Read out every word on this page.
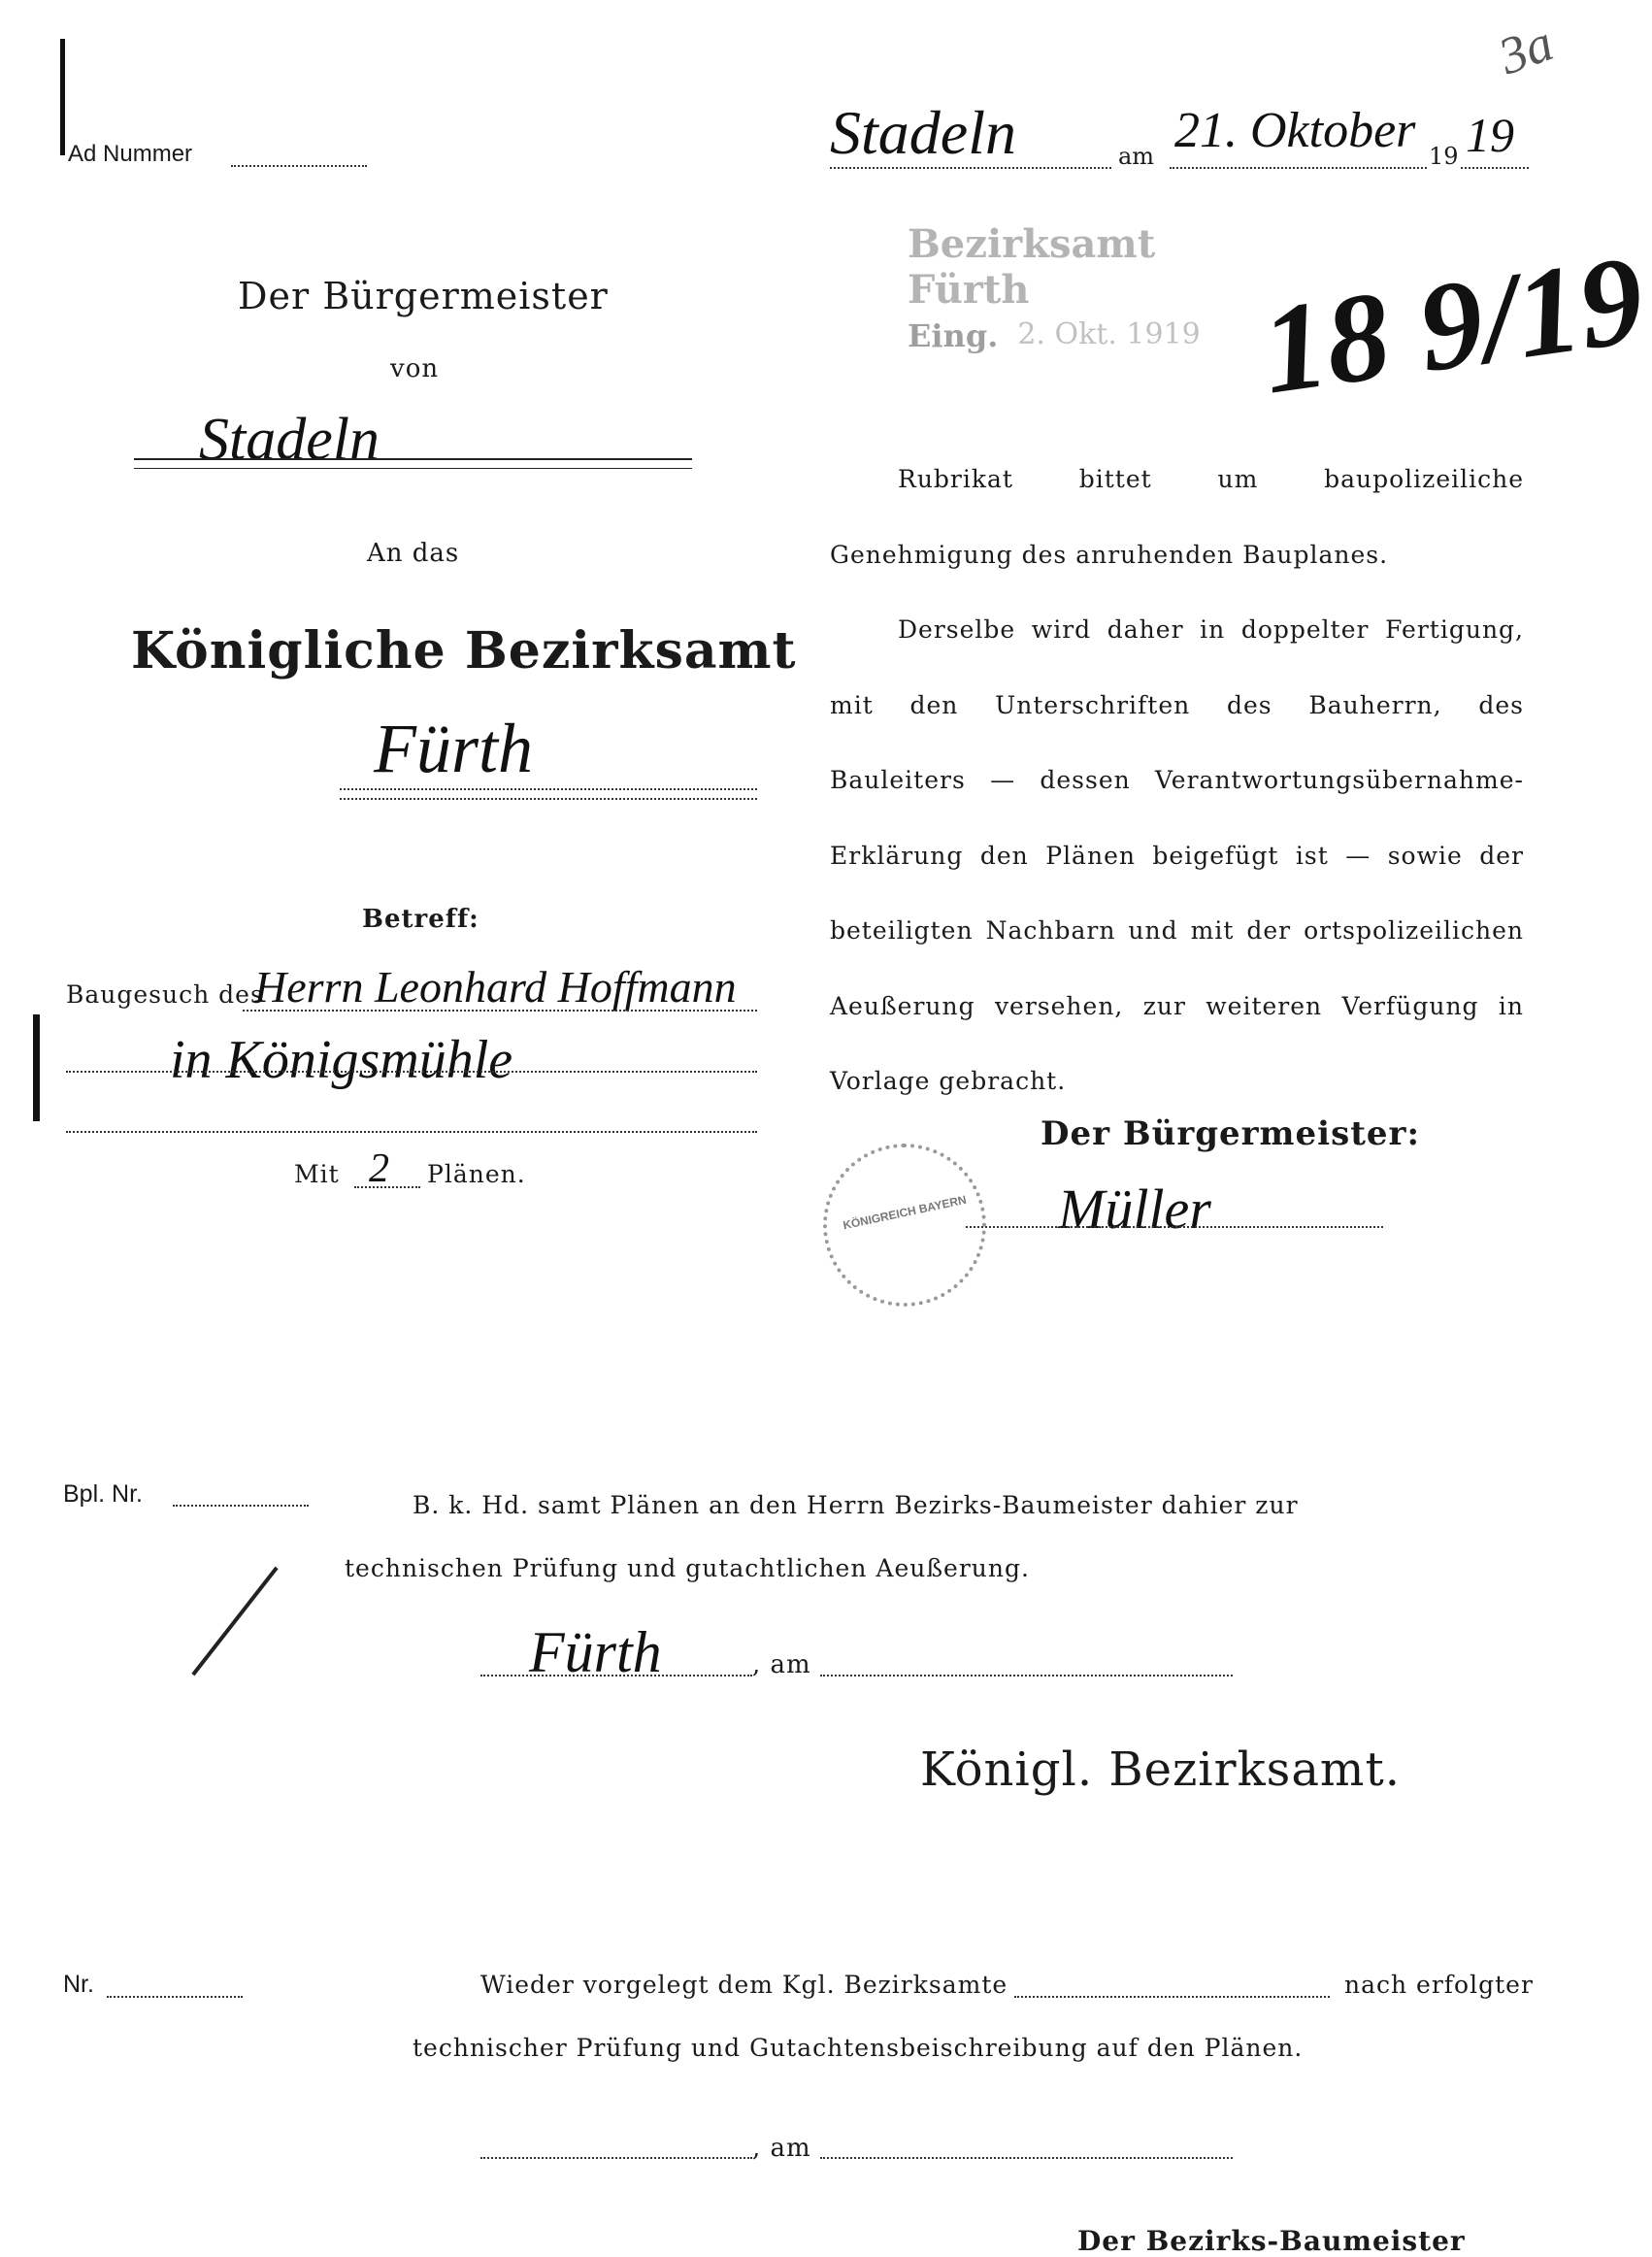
Ad Nummer	Stadeln	am 21. Oktober 19 19
3a
Bezirksamt Fürth
Eing. 2. Okt. 1919 18 9/19
Der Bürgermeister
von
Stadeln
An das
Königliche Bezirksamt
Fürth
Betreff:
Baugesuch des
Herrn Leonhard Hoffmann
in Königsmühle
Mit 2 Plänen.

Rubrikat bittet um baupolizeiliche Genehmigung des anruhenden Bauplanes.

Derselbe wird daher in doppelter Fertigung, mit den Unterschriften des Bauherrn, des Bauleiters — dessen Verantwortungsübernahme-Erklärung den Plänen beigefügt ist — sowie der beteiligten Nachbarn und mit der ortspolizeilichen Aeußerung versehen, zur weiteren Verfügung in Vorlage gebracht.

Der Bürgermeister:
Müller
KÖNIGREICH BAYERN
Bpl. Nr.	B. k. Hd. samt Plänen an den Herrn Bezirks-Baumeister dahier zur technischen Prüfung und gutachtlichen Aeußerung.
Fürth	, am
Königl. Bezirksamt.
Nr.	Wieder vorgelegt dem Kgl. Bezirksamte	nach erfolgter
technischer Prüfung und Gutachtensbeischreibung auf den Plänen.
, am
Der Bezirks-Baumeister
